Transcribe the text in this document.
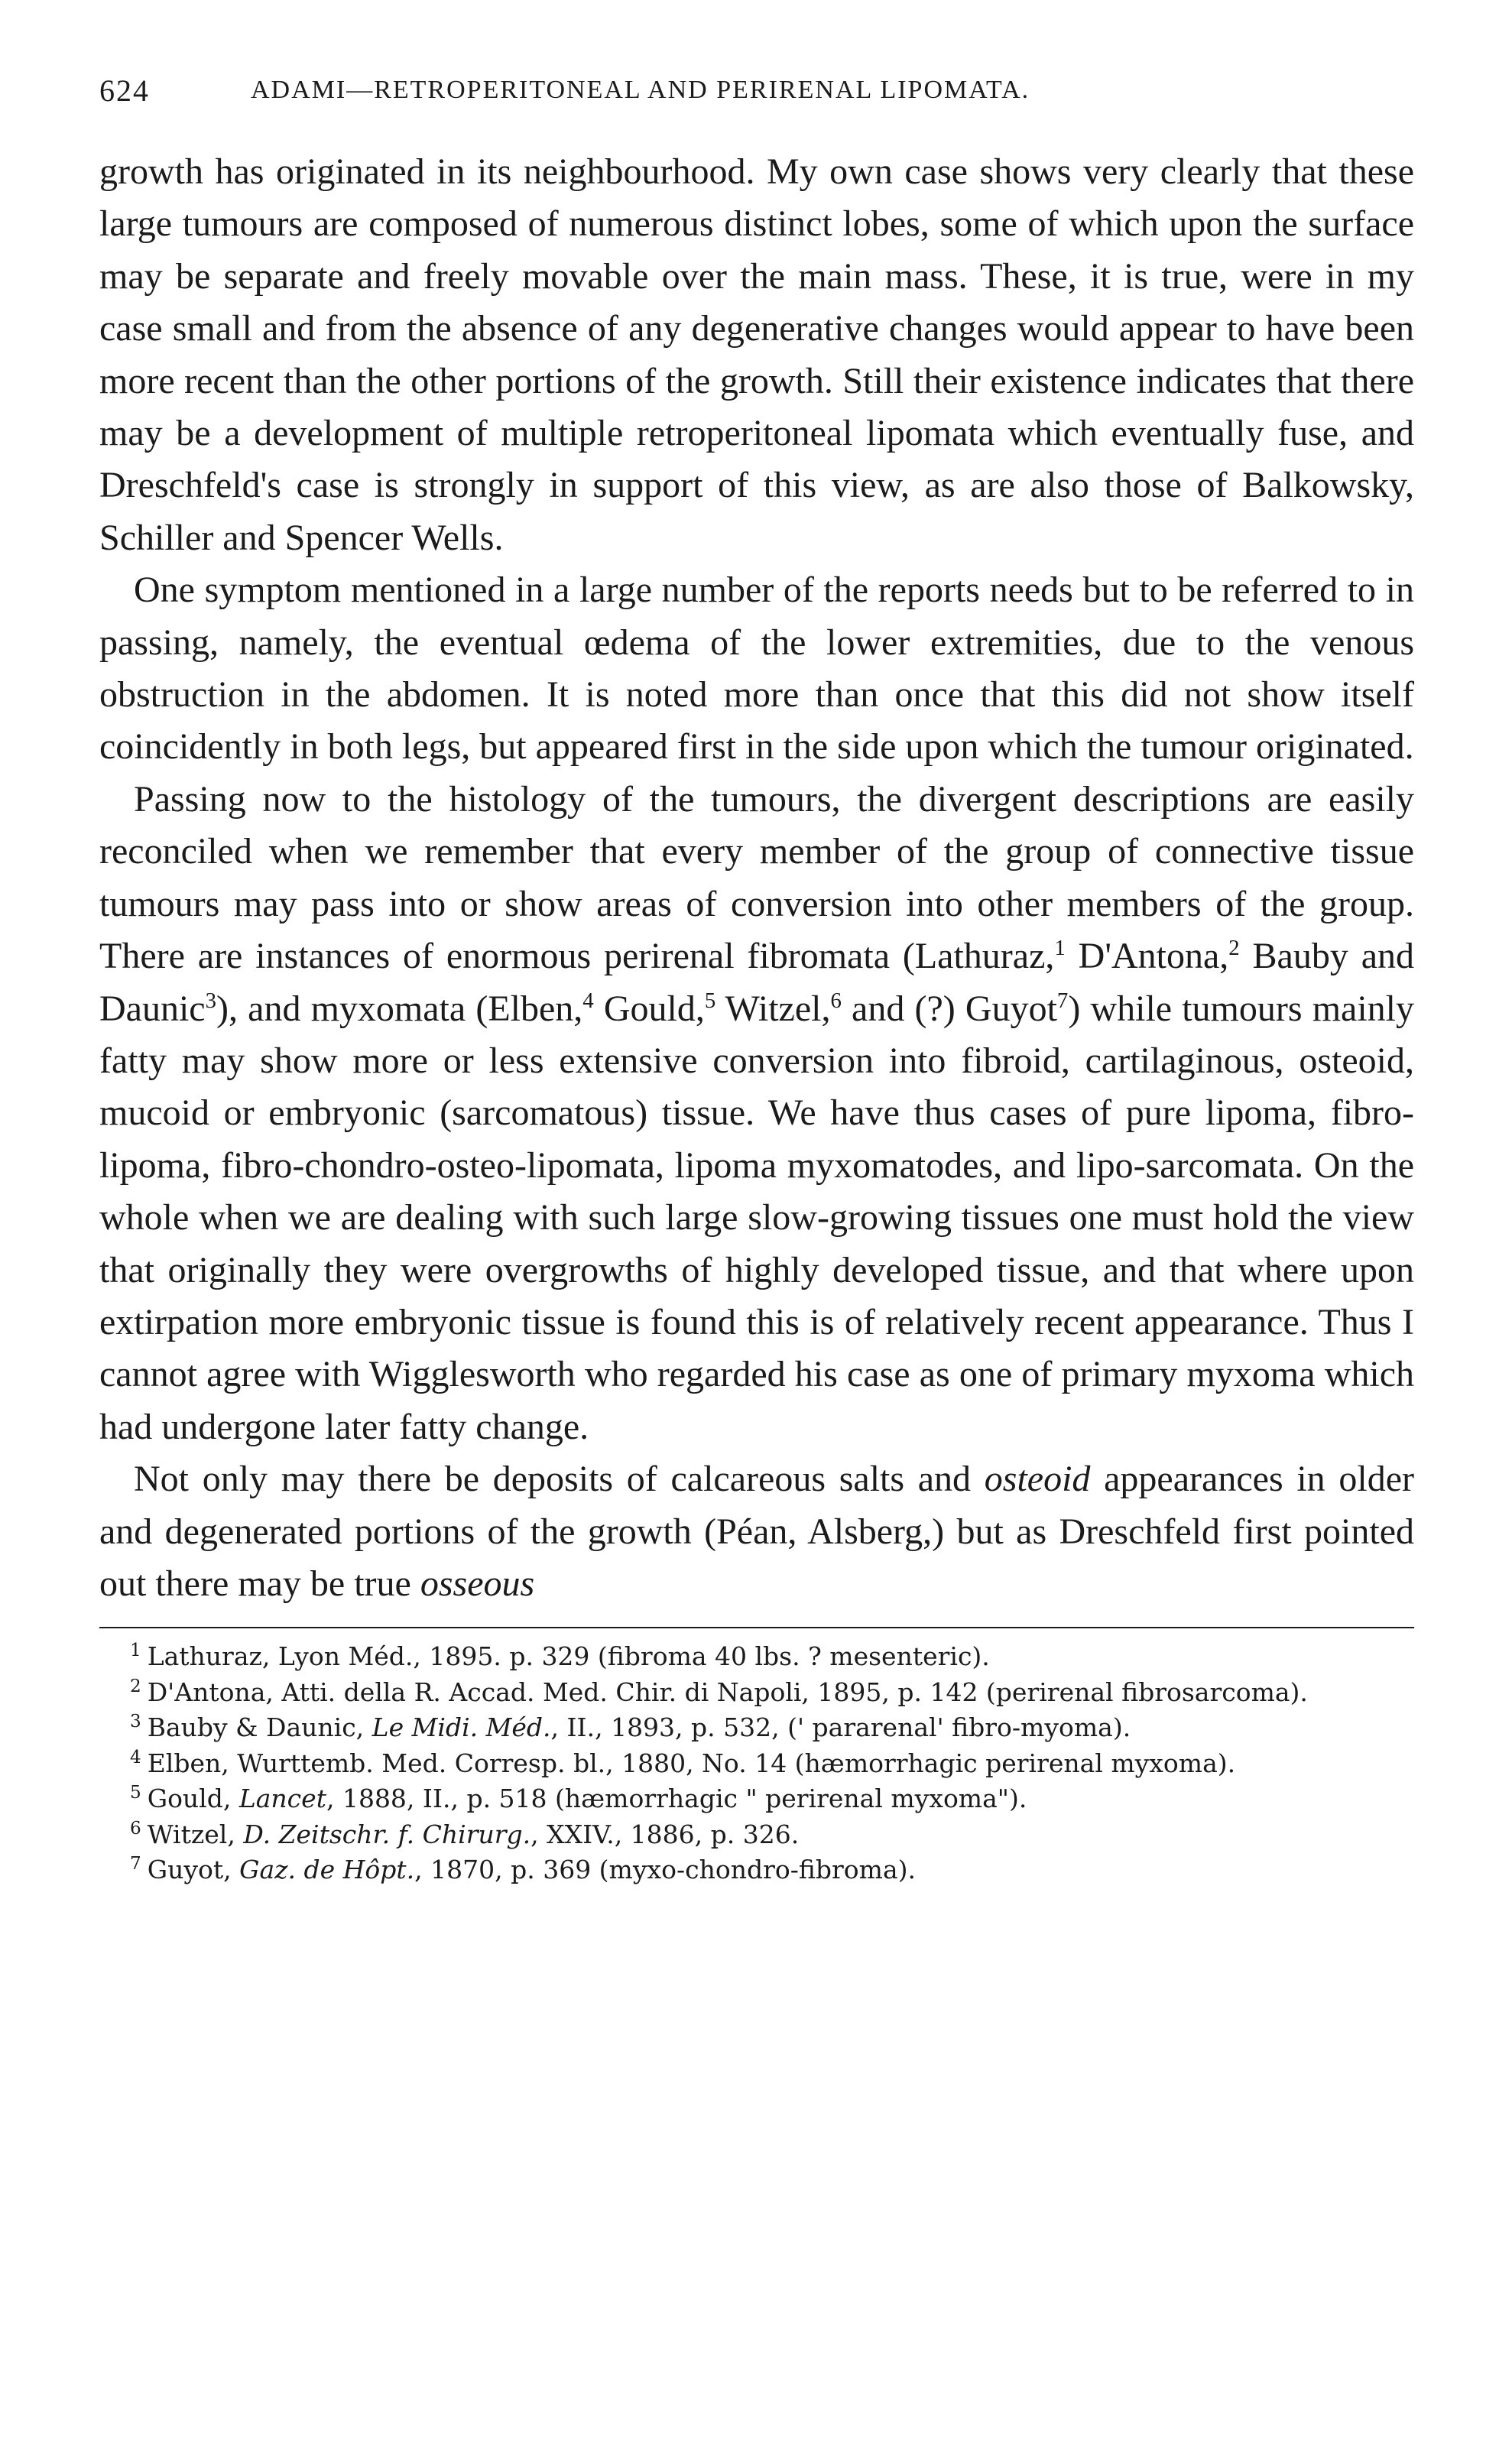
624	ADAMI—RETROPERITONEAL AND PERIRENAL LIPOMATA.

growth has originated in its neighbourhood. My own case shows very clearly that these large tumours are composed of numerous distinct lobes, some of which upon the surface may be separate and freely movable over the main mass. These, it is true, were in my case small and from the absence of any degenerative changes would appear to have been more recent than the other portions of the growth. Still their existence indicates that there may be a development of multiple retroperitoneal lipomata which eventually fuse, and Dreschfeld's case is strongly in support of this view, as are also those of Balkowsky, Schiller and Spencer Wells.

One symptom mentioned in a large number of the reports needs but to be referred to in passing, namely, the eventual œdema of the lower extremities, due to the venous obstruction in the abdomen. It is noted more than once that this did not show itself coincidently in both legs, but appeared first in the side upon which the tumour originated.

Passing now to the histology of the tumours, the divergent descriptions are easily reconciled when we remember that every member of the group of connective tissue tumours may pass into or show areas of conversion into other members of the group. There are instances of enormous perirenal fibromata (Lathuraz,$^1$ D'Antona,$^2$ Bauby and Daunic$^3$), and myxomata (Elben,$^4$ Gould,$^5$ Witzel,$^6$ and (?) Guyot$^7$) while tumours mainly fatty may show more or less extensive conversion into fibroid, cartilaginous, osteoid, mucoid or embryonic (sarcomatous) tissue. We have thus cases of pure lipoma, fibro-lipoma, fibro-chondro-osteo-lipomata, lipoma myxomatodes, and lipo-sarcomata. On the whole when we are dealing with such large slow-growing tissues one must hold the view that originally they were overgrowths of highly developed tissue, and that where upon extirpation more embryonic tissue is found this is of relatively recent appearance. Thus I cannot agree with Wigglesworth who regarded his case as one of primary myxoma which had undergone later fatty change.

Not only may there be deposits of calcareous salts and osteoid appearances in older and degenerated portions of the growth (Péan, Alsberg,) but as Dreschfeld first pointed out there may be true osseous

$^1$ Lathuraz, Lyon Méd., 1895. p. 329 (fibroma 40 lbs. ? mesenteric).

$^2$ D'Antona, Atti. della R. Accad. Med. Chir. di Napoli, 1895, p. 142 (perirenal fibrosarcoma).

$^3$ Bauby & Daunic, Le Midi. Méd., II., 1893, p. 532, (' pararenal' fibro-myoma).

$^4$ Elben, Wurttemb. Med. Corresp. bl., 1880, No. 14 (hæmorrhagic perirenal myxoma).

$^5$ Gould, Lancet, 1888, II., p. 518 (hæmorrhagic " perirenal myxoma").

$^6$ Witzel, D. Zeitschr. f. Chirurg., XXIV., 1886, p. 326.

$^7$ Guyot, Gaz. de Hôpt., 1870, p. 369 (myxo-chondro-fibroma).
